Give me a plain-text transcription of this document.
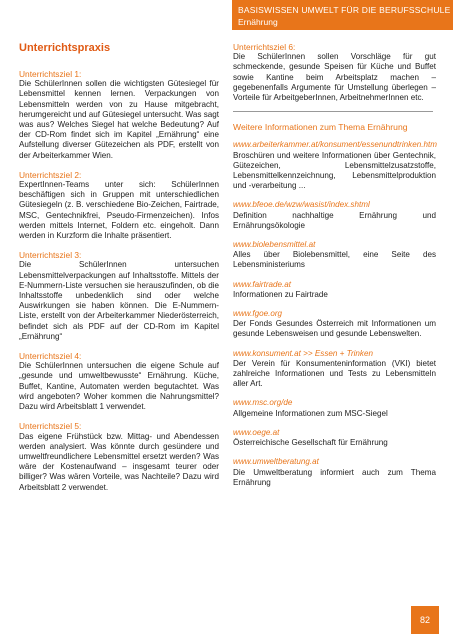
BASISWISSEN UMWELT FÜR DIE BERUFSSCHULE
Ernährung
Unterrichtspraxis
Unterrichtsziel 1:
Die SchülerInnen sollen die wichtigsten Gütesiegel für Lebensmittel kennen lernen. Verpackungen von Lebensmitteln werden von zu Hause mitgebracht, herumgereicht und auf Gütesiegel untersucht. Was sagt was aus? Welches Siegel hat welche Bedeutung? Auf der CD-Rom findet sich im Kapitel „Ernährung“ eine Aufstellung diverser Gütezeichen als PDF, erstellt von der Arbeiterkammer Wien.
Unterrichtsziel 2:
ExpertInnen-Teams unter sich: SchülerInnen beschäftigen sich in Gruppen mit unterschiedlichen Gütesiegeln (z. B. verschiedene Bio-Zeichen, Fairtrade, MSC, Gentechnikfrei, Pseudo-Firmenzeichen). Infos werden mittels Internet, Foldern etc. eingeholt. Dann werden in Kurzform die Inhalte präsentiert.
Unterrichtsziel 3:
Die SchülerInnen untersuchen Lebensmittelverpackungen auf Inhaltsstoffe. Mittels der E-Nummern-Liste versuchen sie herauszufinden, ob die Inhaltsstoffe unbedenklich sind oder welche Auswirkungen sie haben können. Die E-Nummern-Liste, erstellt von der Arbeiterkammer Niederösterreich, befindet sich als PDF auf der CD-Rom im Kapitel „Ernährung“
Unterrichtsziel 4:
Die SchülerInnen untersuchen die eigene Schule auf „gesunde und umweltbewusste“ Ernährung. Küche, Buffet, Kantine, Automaten werden begutachtet. Was wird angeboten? Woher kommen die Nahrungsmittel? Dazu wird Arbeitsblatt 1 verwendet.
Unterrichtsziel 5:
Das eigene Frühstück bzw. Mittag- und Abendessen werden analysiert. Was könnte durch gesündere und umweltfreundlichere Lebensmittel ersetzt werden? Was wäre der Kostenaufwand – insgesamt teurer oder billiger? Was wären Vorteile, was Nachteile? Dazu wird Arbeitsblatt 2 verwendet.
Unterrichtsziel 6:
Die SchülerInnen sollen Vorschläge für gut schmeckende, gesunde Speisen für Küche und Buffet sowie Kantine beim Arbeitsplatz machen – gegebenenfalls Argumente für Umstellung überlegen – Vorteile für ArbeitgeberInnen, ArbeitnehmerInnen etc.
Weitere Informationen zum Thema Ernährung
www.arbeiterkammer.at/konsument/essenundtrinken.htm
Broschüren und weitere Informationen über Gentechnik, Gütezeichen, Lebensmittelzusatzstoffe, Lebensmittelkennzeichnung, Lebensmittelproduktion und -verarbeitung ...
www.bfeoe.de/wzw/wasist/index.shtml
Definition nachhaltige Ernährung und Ernährungsökologie
www.biolebensmittel.at
Alles über Biolebensmittel, eine Seite des Lebensministeriums
www.fairtrade.at
Informationen zu Fairtrade
www.fgoe.org
Der Fonds Gesundes Österreich mit Informationen um gesunde Lebensweisen und gesunde Lebenswelten.
www.konsument.at >> Essen + Trinken
Der Verein für Konsumenteninformation (VKI) bietet zahlreiche Informationen und Tests zu Lebensmitteln aller Art.
www.msc.org/de
Allgemeine Informationen zum MSC-Siegel
www.oege.at
Österreichische Gesellschaft für Ernährung
www.umweltberatung.at
Die Umweltberatung informiert auch zum Thema Ernährung
82
